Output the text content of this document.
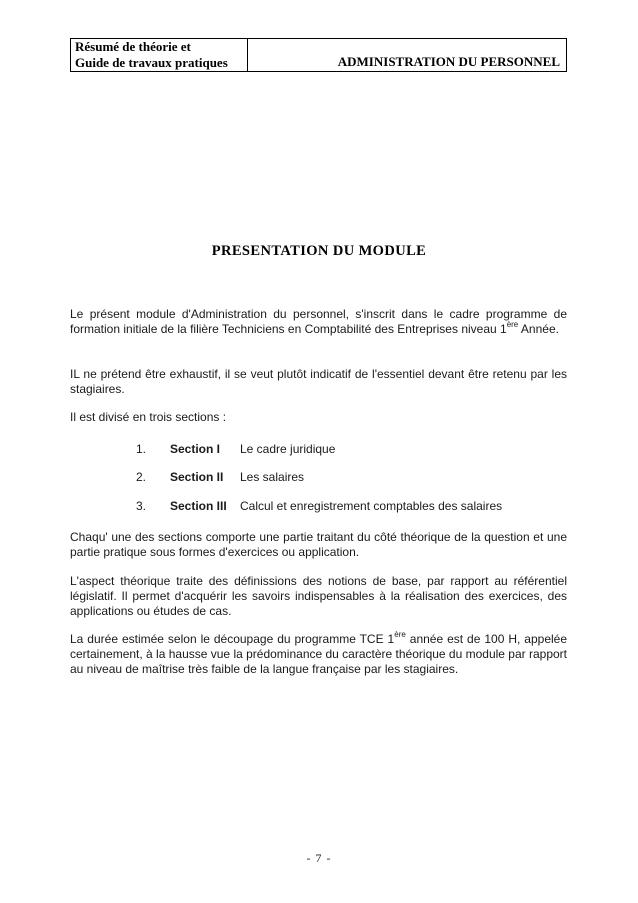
Résumé de théorie et
Guide de travaux pratiques	ADMINISTRATION DU PERSONNEL
PRESENTATION DU MODULE

Le présent module d'Administration du personnel, s'inscrit dans le cadre programme de formation initiale de la filière Techniciens en Comptabilité des Entreprises niveau 1ère Année.

IL ne prétend être exhaustif, il se veut plutôt indicatif de l'essentiel devant être retenu par les stagiaires.

Il est divisé en trois sections :

1.	Section I	Le cadre juridique
2.	Section II	Les salaires
3.	Section III	Calcul et enregistrement comptables des salaires

Chaqu' une des sections comporte une partie traitant du côté théorique de la question et une partie pratique sous formes d'exercices ou application.

L'aspect théorique traite des définissions des notions de base, par rapport au référentiel législatif. Il permet d'acquérir les savoirs indispensables à la réalisation des exercices, des applications ou études de cas.

La durée estimée selon le découpage du programme TCE 1ère année est de 100 H, appelée certainement, à la hausse vue la prédominance du caractère théorique du module par rapport au niveau de maîtrise très faible de la langue française par les stagiaires.

- 7 -
